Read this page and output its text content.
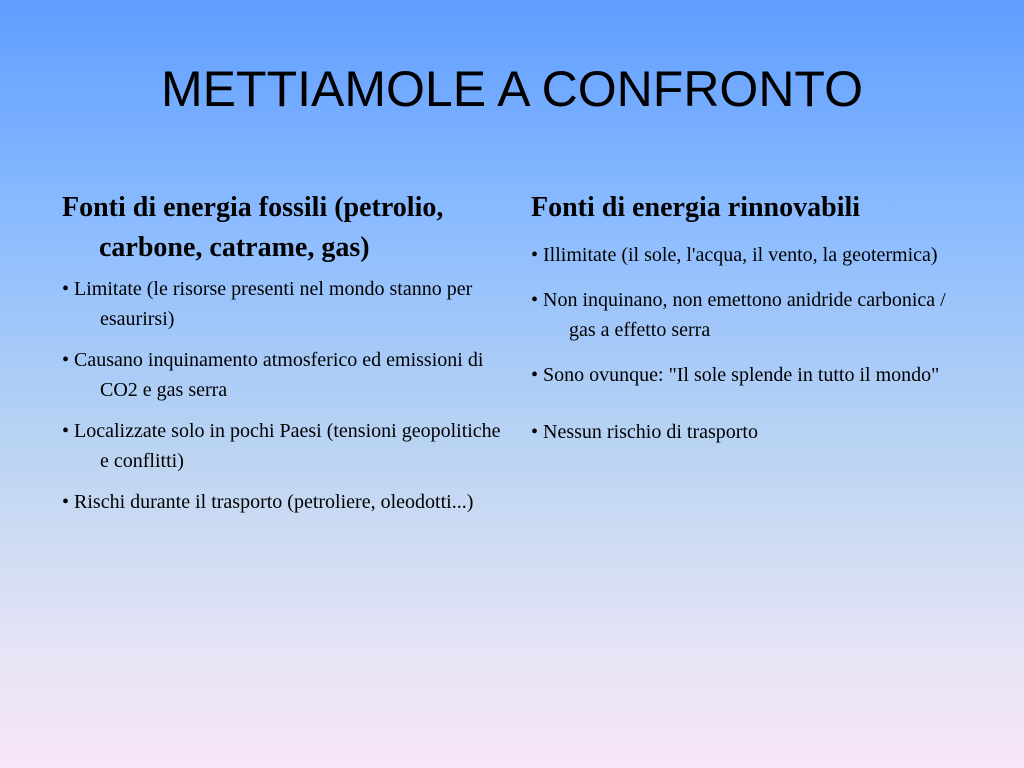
METTIAMOLE A CONFRONTO

Fonti di energia fossili (petrolio, carbone, catrame, gas)

• Limitate (le risorse presenti nel mondo stanno per esaurirsi)
• Causano inquinamento atmosferico ed emissioni di CO2 e gas serra
• Localizzate solo in pochi Paesi (tensioni geopolitiche e conflitti)
• Rischi durante il trasporto (petroliere, oleodotti...)

Fonti di energia rinnovabili

• Illimitate (il sole, l'acqua, il vento, la geotermica)
• Non inquinano, non emettono anidride carbonica / gas a effetto serra
• Sono ovunque: "Il sole splende in tutto il mondo"
• Nessun rischio di trasporto
